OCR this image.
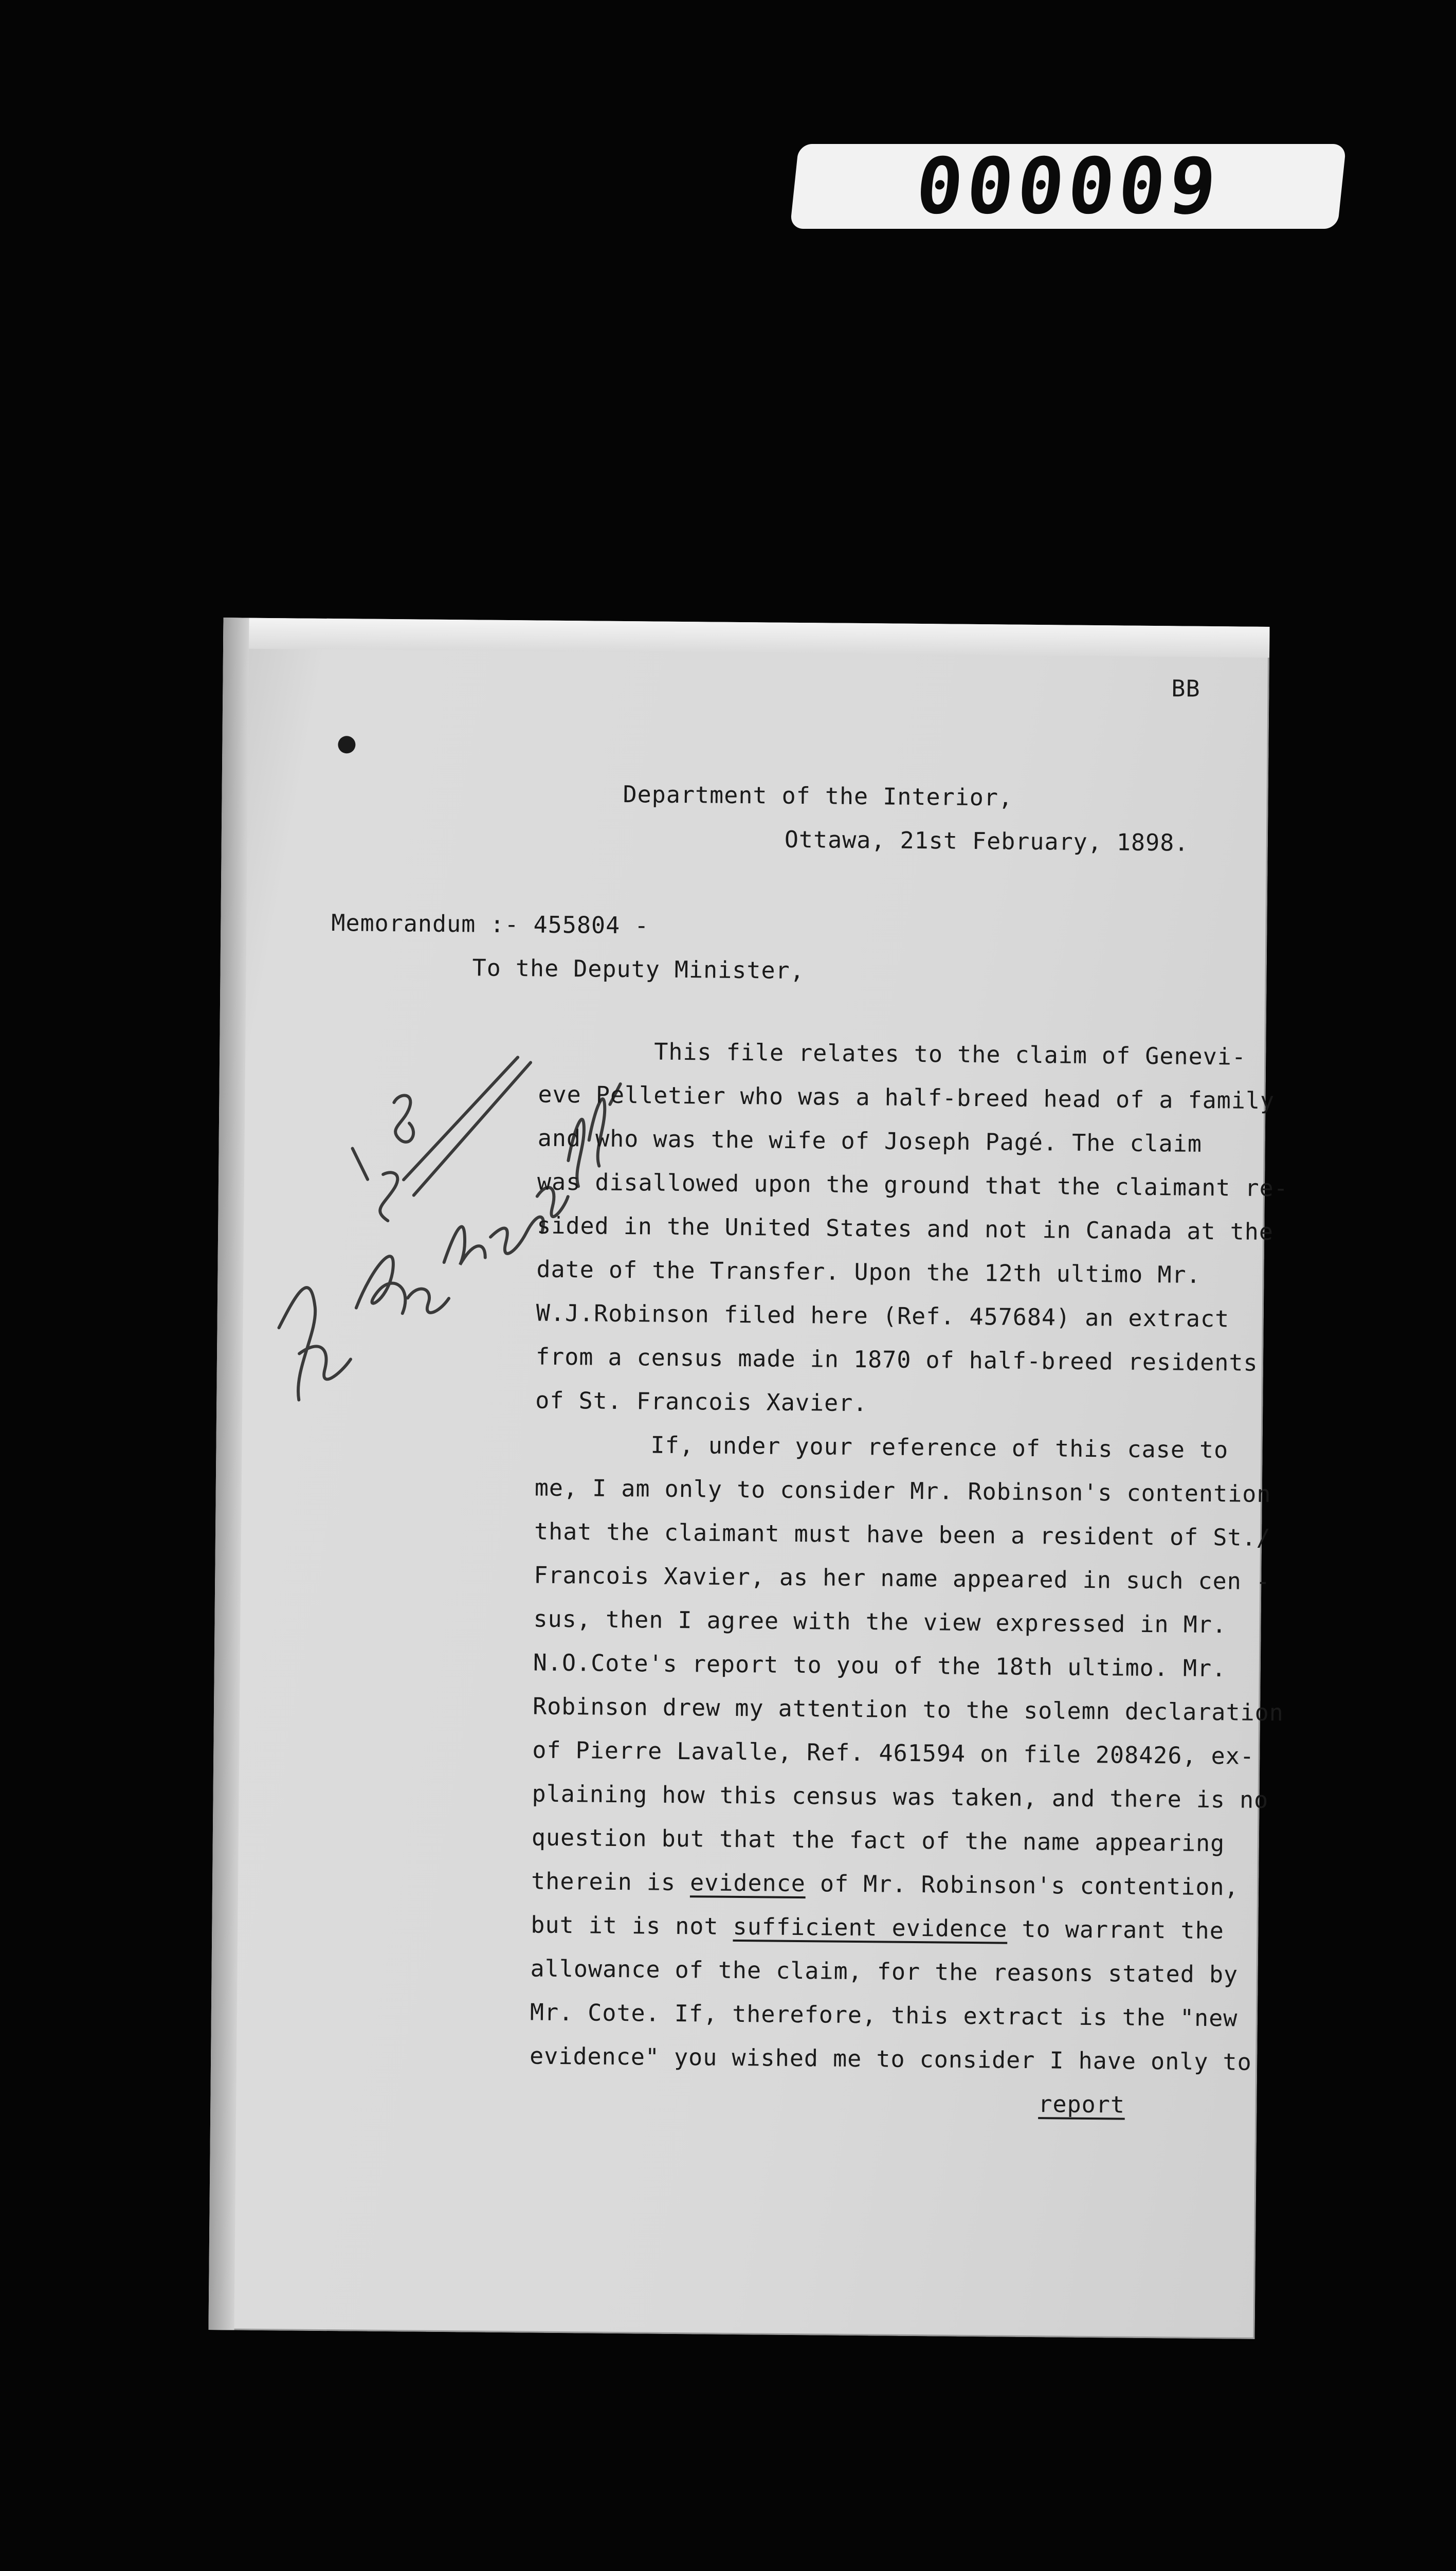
000009
BB
Department of the Interior,
Ottawa, 21st February, 1898.
Memorandum :- 455804 -
To the Deputy Minister,
This file relates to the claim of Genevi-
eve Pelletier who was a half-breed head of a family
and who was the wife of Joseph Pagé. The claim
was disallowed upon the ground that the claimant re-
sided in the United States and not in Canada at the
date of the Transfer. Upon the 12th ultimo Mr.
W.J.Robinson filed here (Ref. 457684) an extract
from a census made in 1870 of half-breed residents
of St. Francois Xavier.
If, under your reference of this case to
me, I am only to consider Mr. Robinson's contention
that the claimant must have been a resident of St./
Francois Xavier, as her name appeared in such cen -
sus, then I agree with the view expressed in Mr.
N.O.Cote's report to you of the 18th ultimo. Mr.
Robinson drew my attention to the solemn declaration
of Pierre Lavalle, Ref. 461594 on file 208426, ex-
plaining how this census was taken, and there is no
question but that the fact of the name appearing
therein is evidence of Mr. Robinson's contention,
but it is not sufficient evidence to warrant the
allowance of the claim, for the reasons stated by
Mr. Cote. If, therefore, this extract is the "new
evidence" you wished me to consider I have only to
report
